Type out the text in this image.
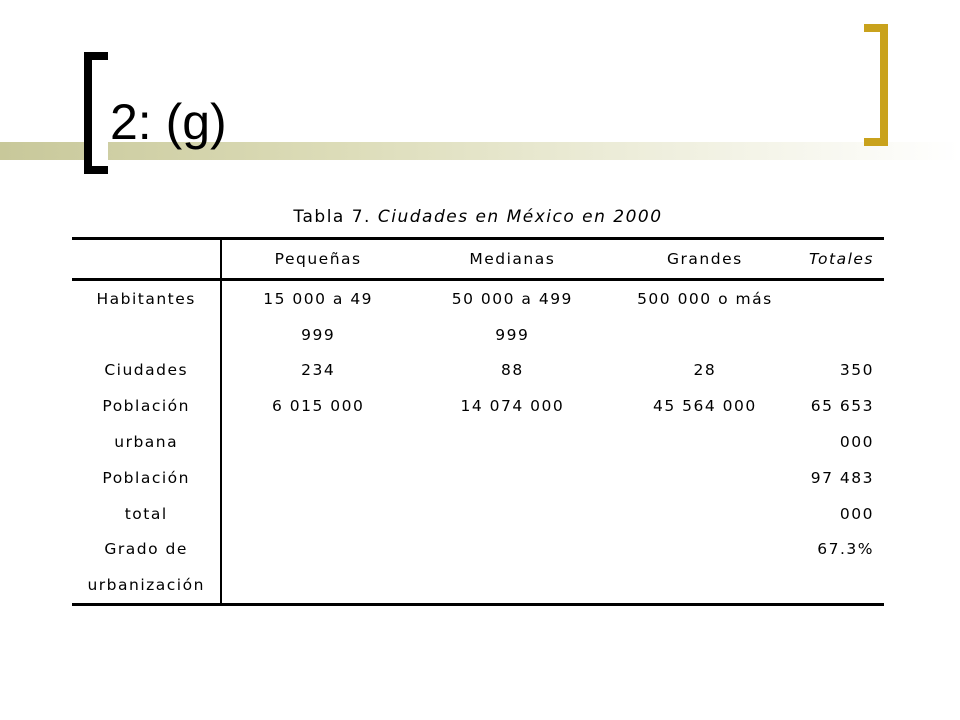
2: (g)
Tabla 7. Ciudades en México en 2000
	Pequeñas	Medianas	Grandes	Totales
Habitantes	15 000 a 49	50 000 a 499	500 000 o más	
	999	999		
Ciudades	234	88	28	350
Población	6 015 000	14 074 000	45 564 000	65 653
urbana				000
Población				97 483
total				000
Grado de				67.3%
urbanización				
